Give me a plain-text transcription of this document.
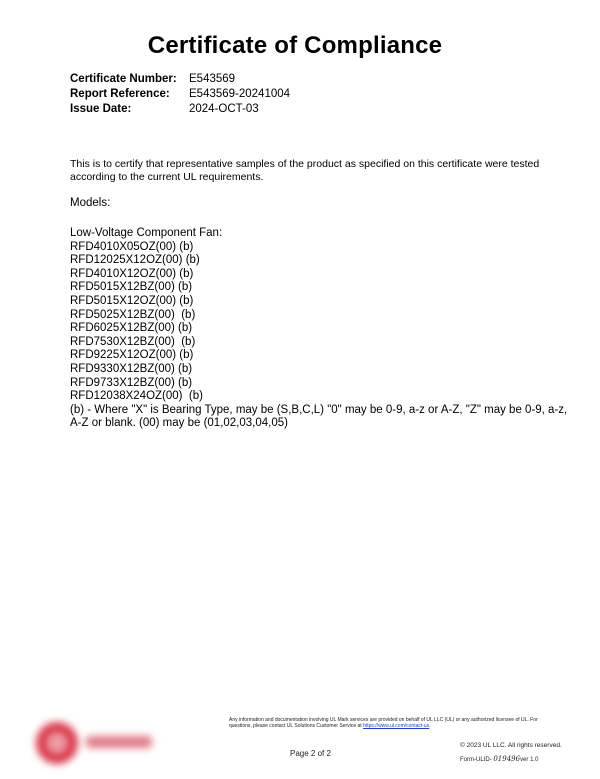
Certificate of Compliance
Certificate Number:	E543569
Report Reference:	E543569-20241004
Issue Date:	2024-OCT-03
This is to certify that representative samples of the product as specified on this certificate were tested according to the current UL requirements.
Models:
Low-Voltage Component Fan:
RFD4010X05OZ(00) (b)
RFD12025X12OZ(00) (b)
RFD4010X12OZ(00) (b)
RFD5015X12BZ(00) (b)
RFD5015X12OZ(00) (b)
RFD5025X12BZ(00)  (b)
RFD6025X12BZ(00) (b)
RFD7530X12BZ(00)  (b)
RFD9225X12OZ(00) (b)
RFD9330X12BZ(00) (b)
RFD9733X12BZ(00) (b)
RFD12038X24OZ(00)  (b)
(b) - Where "X" is Bearing Type, may be (S,B,C,L) "0" may be 0-9, a-z or A-Z, "Z" may be 0-9, a-z, A-Z or blank. (00) may be (01,02,03,04,05)
Any information and documentation involving UL Mark services are provided on behalf of UL LLC (UL) or any authorized licensee of UL. For questions, please contact UL Solutions Customer Service at https://www.ul.com/contact-us.
Page 2 of 2
© 2023 UL LLC. All rights reserved.
Form-ULID- 019496ver 1.0
